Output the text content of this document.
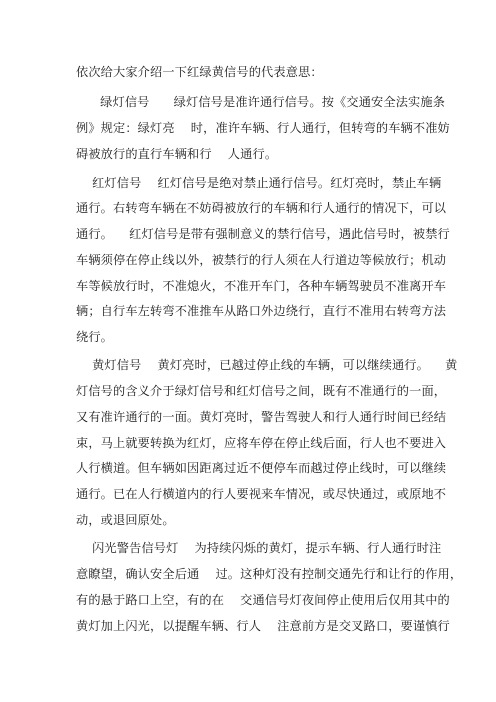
依次给大家介绍一下红绿黄信号的代表意思：
绿灯信号      绿灯信号是准许通行信号。按《交通安全法实施条
例》规定：绿灯亮    时，准许车辆、行人通行，但转弯的车辆不准妨
碍被放行的直行车辆和行    人通行。
红灯信号    红灯信号是绝对禁止通行信号。红灯亮时，禁止车辆
通行。右转弯车辆在不妨碍被放行的车辆和行人通行的情况下，可以
通行。    红灯信号是带有强制意义的禁行信号，遇此信号时，被禁行
车辆须停在停止线以外，被禁行的行人须在人行道边等候放行；机动
车等候放行时，不准熄火，不准开车门，各种车辆驾驶员不准离开车
辆；自行车左转弯不准推车从路口外边绕行，直行不准用右转弯方法
绕行。
黄灯信号    黄灯亮时，已越过停止线的车辆，可以继续通行。    黄
灯信号的含义介于绿灯信号和红灯信号之间，既有不准通行的一面，
又有准许通行的一面。黄灯亮时，警告驾驶人和行人通行时间已经结
束，马上就要转换为红灯，应将车停在停止线后面，行人也不要进入
人行横道。但车辆如因距离过近不便停车而越过停止线时，可以继续
通行。已在人行横道内的行人要视来车情况，或尽快通过，或原地不
动，或退回原处。
闪光警告信号灯    为持续闪烁的黄灯，提示车辆、行人通行时注
意瞭望，确认安全后通    过。这种灯没有控制交通先行和让行的作用，
有的悬于路口上空，有的在    交通信号灯夜间停止使用后仅用其中的
黄灯加上闪光，以提醒车辆、行人    注意前方是交叉路口，要谨慎行
